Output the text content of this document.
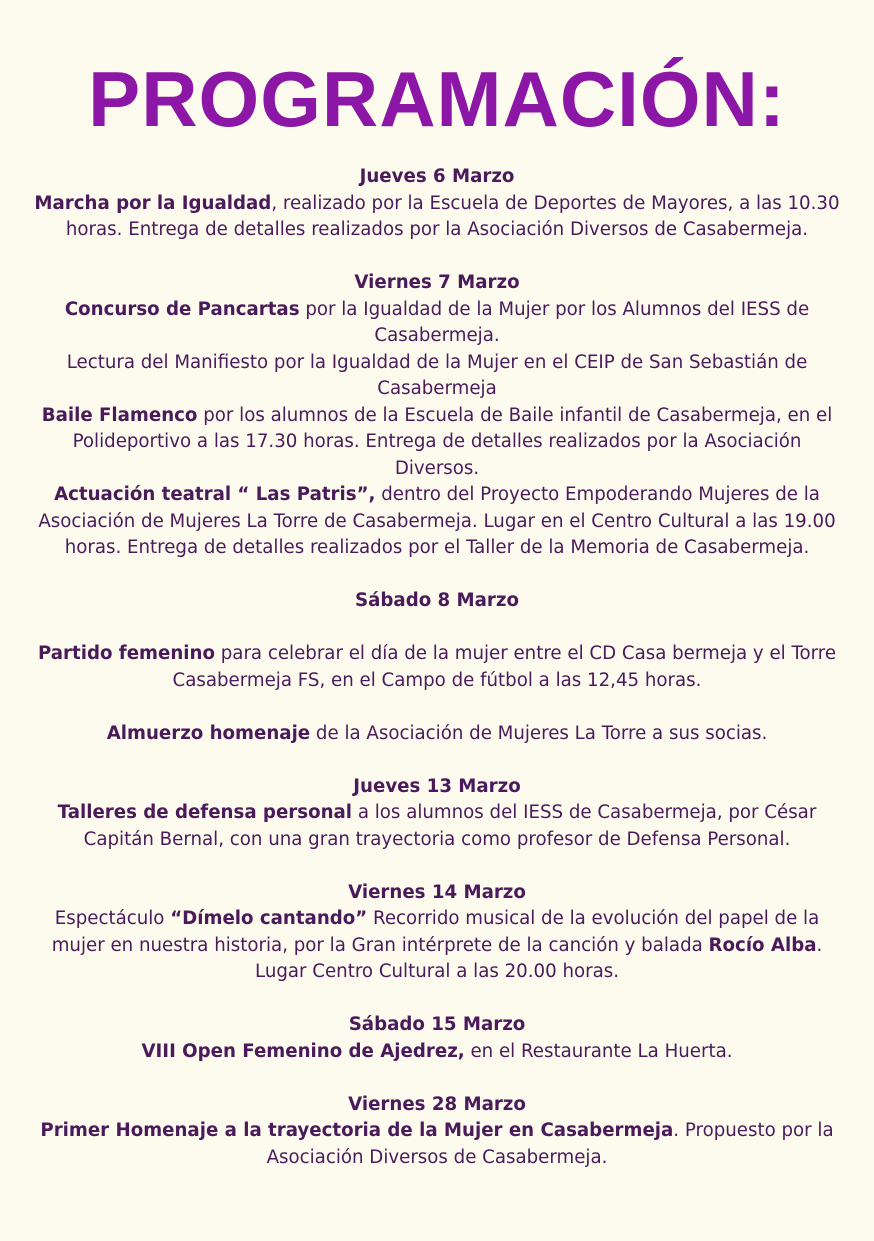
PROGRAMACIÓN:

Jueves 6 Marzo

Marcha por la Igualdad, realizado por la Escuela de Deportes de Mayores, a las 10.30 horas. Entrega de detalles realizados por la Asociación Diversos de Casabermeja.

Viernes 7 Marzo

Concurso de Pancartas por la Igualdad de la Mujer por los Alumnos del IESS de Casabermeja.

Lectura del Manifiesto por la Igualdad de la Mujer en el CEIP de San Sebastián de Casabermeja

Baile Flamenco por los alumnos de la Escuela de Baile infantil de Casabermeja, en el Polideportivo a las 17.30 horas. Entrega de detalles realizados por la Asociación Diversos.

Actuación teatral “ Las Patris”, dentro del Proyecto Empoderando Mujeres de la Asociación de Mujeres La Torre de Casabermeja. Lugar en el Centro Cultural a las 19.00 horas. Entrega de detalles realizados por el Taller de la Memoria de Casabermeja.

Sábado 8 Marzo

Partido femenino para celebrar el día de la mujer entre el CD Casa bermeja y el Torre Casabermeja FS, en el Campo de fútbol a las 12,45 horas.

Almuerzo homenaje de la Asociación de Mujeres La Torre a sus socias.

Jueves 13 Marzo

Talleres de defensa personal a los alumnos del IESS de Casabermeja, por César Capitán Bernal, con una gran trayectoria como profesor de Defensa Personal.

Viernes 14 Marzo

Espectáculo “Dímelo cantando” Recorrido musical de la evolución del papel de la mujer en nuestra historia, por la Gran intérprete de la canción y balada Rocío Alba. Lugar Centro Cultural a las 20.00 horas.

Sábado 15 Marzo

VIII Open Femenino de Ajedrez, en el Restaurante La Huerta.

Viernes 28 Marzo

Primer Homenaje a la trayectoria de la Mujer en Casabermeja. Propuesto por la Asociación Diversos de Casabermeja.
